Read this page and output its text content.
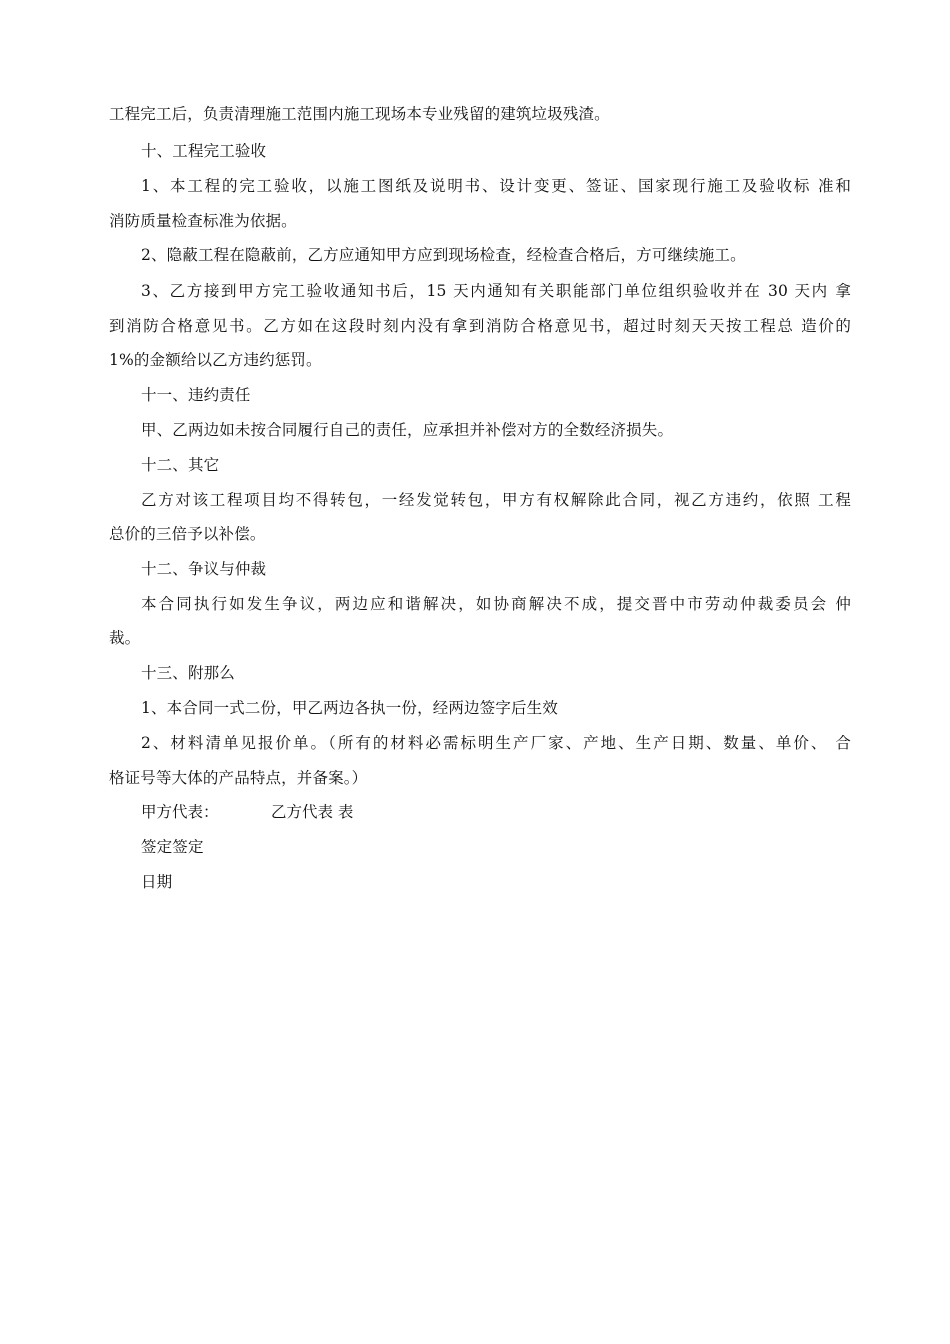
工程完工后，负责清理施工范围内施工现场本专业残留的建筑垃圾残渣。
十、工程完工验收
1、本工程的完工验收，以施工图纸及说明书、设计变更、签证、国家现行施工及验收标 准和
消防质量检查标准为依据。
2、隐蔽工程在隐蔽前，乙方应通知甲方应到现场检查，经检查合格后，方可继续施工。
3、乙方接到甲方完工验收通知书后，15 天内通知有关职能部门单位组织验收并在 30 天内 拿
到消防合格意见书。乙方如在这段时刻内没有拿到消防合格意见书，超过时刻天天按工程总 造价的
1%的金额给以乙方违约惩罚。
十一、违约责任
甲、乙两边如未按合同履行自己的责任，应承担并补偿对方的全数经济损失。
十二、其它
乙方对该工程项目均不得转包，一经发觉转包，甲方有权解除此合同，视乙方违约，依照 工程
总价的三倍予以补偿。
十二、争议与仲裁
本合同执行如发生争议，两边应和谐解决，如协商解决不成，提交晋中市劳动仲裁委员会 仲
裁。
十三、附那么
1、本合同一式二份，甲乙两边各执一份，经两边签字后生效
2、材料清单见报价单。（所有的材料必需标明生产厂家、产地、生产日期、数量、单价、 合
格证号等大体的产品特点，并备案。）
甲方代表：	乙方代表 表
签定签定
日期
